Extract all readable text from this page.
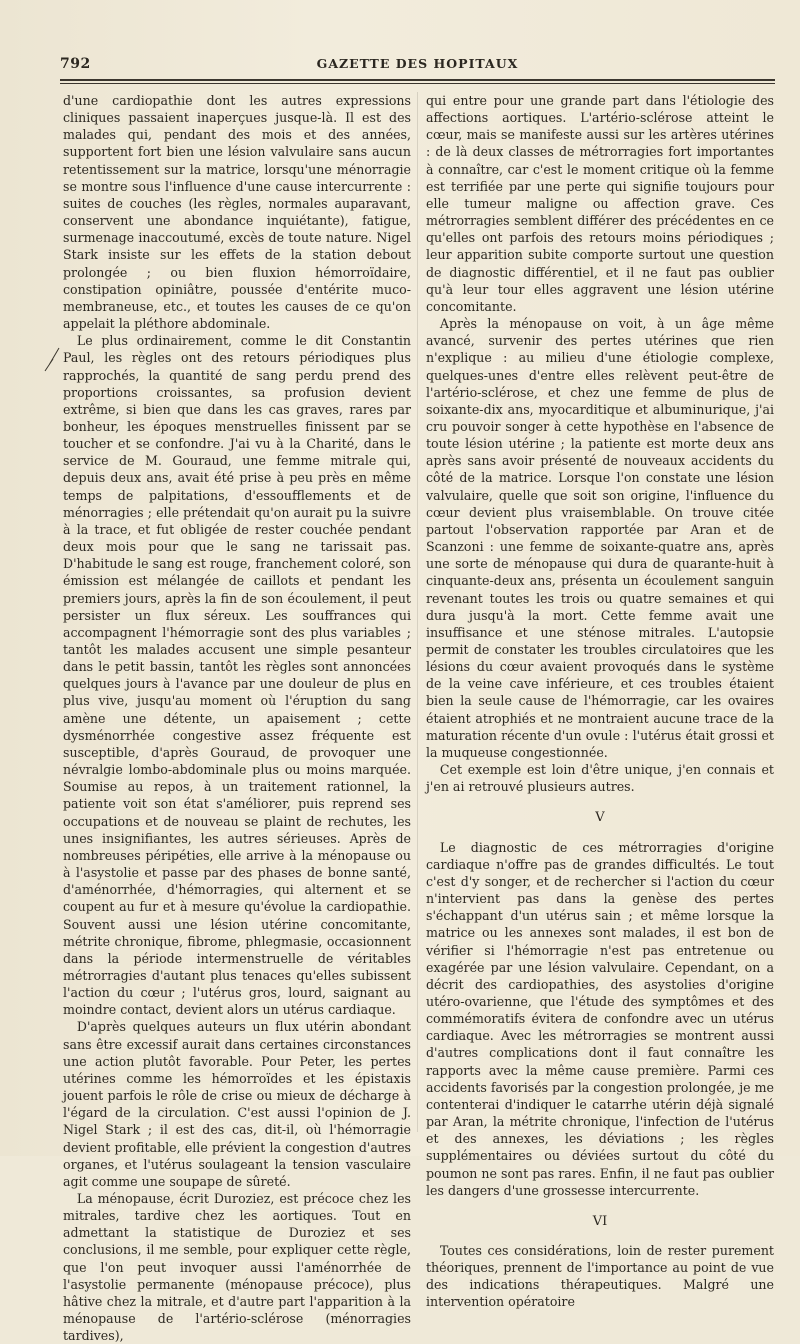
792	GAZETTE DES HOPITAUX

d'une cardiopathie dont les autres expressions cliniques passaient inaperçues jusque-là. Il est des malades qui, pendant des mois et des années, supportent fort bien une lésion valvulaire sans aucun retentissement sur la matrice, lorsqu'une ménorragie se montre sous l'influence d'une cause intercurrente : suites de couches (les règles, normales auparavant, conservent une abondance inquiétante), fatigue, surmenage inaccoutumé, excès de toute nature. Nigel Stark insiste sur les effets de la station debout prolongée ; ou bien fluxion hémorroïdaire, constipation opiniâtre, poussée d'entérite muco-membraneuse, etc., et toutes les causes de ce qu'on appelait la pléthore abdominale.

Le plus ordinairement, comme le dit Constantin Paul, les règles ont des retours périodiques plus rapprochés, la quantité de sang perdu prend des proportions croissantes, sa profusion devient extrême, si bien que dans les cas graves, rares par bonheur, les époques menstruelles finissent par se toucher et se confondre. J'ai vu à la Charité, dans le service de M. Gouraud, une femme mitrale qui, depuis deux ans, avait été prise à peu près en même temps de palpitations, d'essoufflements et de ménorragies ; elle prétendait qu'on aurait pu la suivre à la trace, et fut obligée de rester couchée pendant deux mois pour que le sang ne tarissait pas. D'habitude le sang est rouge, franchement coloré, son émission est mélangée de caillots et pendant les premiers jours, après la fin de son écoulement, il peut persister un flux séreux. Les souffrances qui accompagnent l'hémorragie sont des plus variables ; tantôt les malades accusent une simple pesanteur dans le petit bassin, tantôt les règles sont annoncées quelques jours à l'avance par une douleur de plus en plus vive, jusqu'au moment où l'éruption du sang amène une détente, un apaisement ; cette dysménorrhée congestive assez fréquente est susceptible, d'après Gouraud, de provoquer une névralgie lombo-abdominale plus ou moins marquée. Soumise au repos, à un traitement rationnel, la patiente voit son état s'améliorer, puis reprend ses occupations et de nouveau se plaint de rechutes, les unes insignifiantes, les autres sérieuses. Après de nombreuses péripéties, elle arrive à la ménopause ou à l'asystolie et passe par des phases de bonne santé, d'aménorrhée, d'hémorragies, qui alternent et se coupent au fur et à mesure qu'évolue la cardiopathie. Souvent aussi une lésion utérine concomitante, métrite chronique, fibrome, phlegmasie, occasionnent dans la période intermenstruelle de véritables métrorragies d'autant plus tenaces qu'elles subissent l'action du cœur ; l'utérus gros, lourd, saignant au moindre contact, devient alors un utérus cardiaque.

D'après quelques auteurs un flux utérin abondant sans être excessif aurait dans certaines circonstances une action plutôt favorable. Pour Peter, les pertes utérines comme les hémorroïdes et les épistaxis jouent parfois le rôle de crise ou mieux de décharge à l'égard de la circulation. C'est aussi l'opinion de J. Nigel Stark ; il est des cas, dit-il, où l'hémorragie devient profitable, elle prévient la congestion d'autres organes, et l'utérus soulageant la tension vasculaire agit comme une soupape de sûreté.

La ménopause, écrit Duroziez, est précoce chez les mitrales, tardive chez les aortiques. Tout en admettant la statistique de Duroziez et ses conclusions, il me semble, pour expliquer cette règle, que l'on peut invoquer aussi l'aménorrhée de l'asystolie permanente (ménopause précoce), plus hâtive chez la mitrale, et d'autre part l'apparition à la ménopause de l'artério-sclérose (ménorragies tardives),

qui entre pour une grande part dans l'étiologie des affections aortiques. L'artério-sclérose atteint le cœur, mais se manifeste aussi sur les artères utérines : de là deux classes de métrorragies fort importantes à connaître, car c'est le moment critique où la femme est terrifiée par une perte qui signifie toujours pour elle tumeur maligne ou affection grave. Ces métrorragies semblent différer des précédentes en ce qu'elles ont parfois des retours moins périodiques ; leur apparition subite comporte surtout une question de diagnostic différentiel, et il ne faut pas oublier qu'à leur tour elles aggravent une lésion utérine concomitante.

Après la ménopause on voit, à un âge même avancé, survenir des pertes utérines que rien n'explique : au milieu d'une étiologie complexe, quelques-unes d'entre elles relèvent peut-être de l'artério-sclérose, et chez une femme de plus de soixante-dix ans, myocarditique et albuminurique, j'ai cru pouvoir songer à cette hypothèse en l'absence de toute lésion utérine ; la patiente est morte deux ans après sans avoir présenté de nouveaux accidents du côté de la matrice. Lorsque l'on constate une lésion valvulaire, quelle que soit son origine, l'influence du cœur devient plus vraisemblable. On trouve citée partout l'observation rapportée par Aran et de Scanzoni : une femme de soixante-quatre ans, après une sorte de ménopause qui dura de quarante-huit à cinquante-deux ans, présenta un écoulement sanguin revenant toutes les trois ou quatre semaines et qui dura jusqu'à la mort. Cette femme avait une insuffisance et une sténose mitrales. L'autopsie permit de constater les troubles circulatoires que les lésions du cœur avaient provoqués dans le système de la veine cave inférieure, et ces troubles étaient bien la seule cause de l'hémorragie, car les ovaires étaient atrophiés et ne montraient aucune trace de la maturation récente d'un ovule : l'utérus était grossi et la muqueuse congestionnée.

Cet exemple est loin d'être unique, j'en connais et j'en ai retrouvé plusieurs autres.

V

Le diagnostic de ces métrorragies d'origine cardiaque n'offre pas de grandes difficultés. Le tout c'est d'y songer, et de rechercher si l'action du cœur n'intervient pas dans la genèse des pertes s'échappant d'un utérus sain ; et même lorsque la matrice ou les annexes sont malades, il est bon de vérifier si l'hémorragie n'est pas entretenue ou exagérée par une lésion valvulaire. Cependant, on a décrit des cardiopathies, des asystolies d'origine utéro-ovarienne, que l'étude des symptômes et des commémoratifs évitera de confondre avec un utérus cardiaque. Avec les métrorragies se montrent aussi d'autres complications dont il faut connaître les rapports avec la même cause première. Parmi ces accidents favorisés par la congestion prolongée, je me contenterai d'indiquer le catarrhe utérin déjà signalé par Aran, la métrite chronique, l'infection de l'utérus et des annexes, les déviations ; les règles supplémentaires ou déviées surtout du côté du poumon ne sont pas rares. Enfin, il ne faut pas oublier les dangers d'une grossesse intercurrente.

VI

Toutes ces considérations, loin de rester purement théoriques, prennent de l'importance au point de vue des indications thérapeutiques. Malgré une intervention opératoire
